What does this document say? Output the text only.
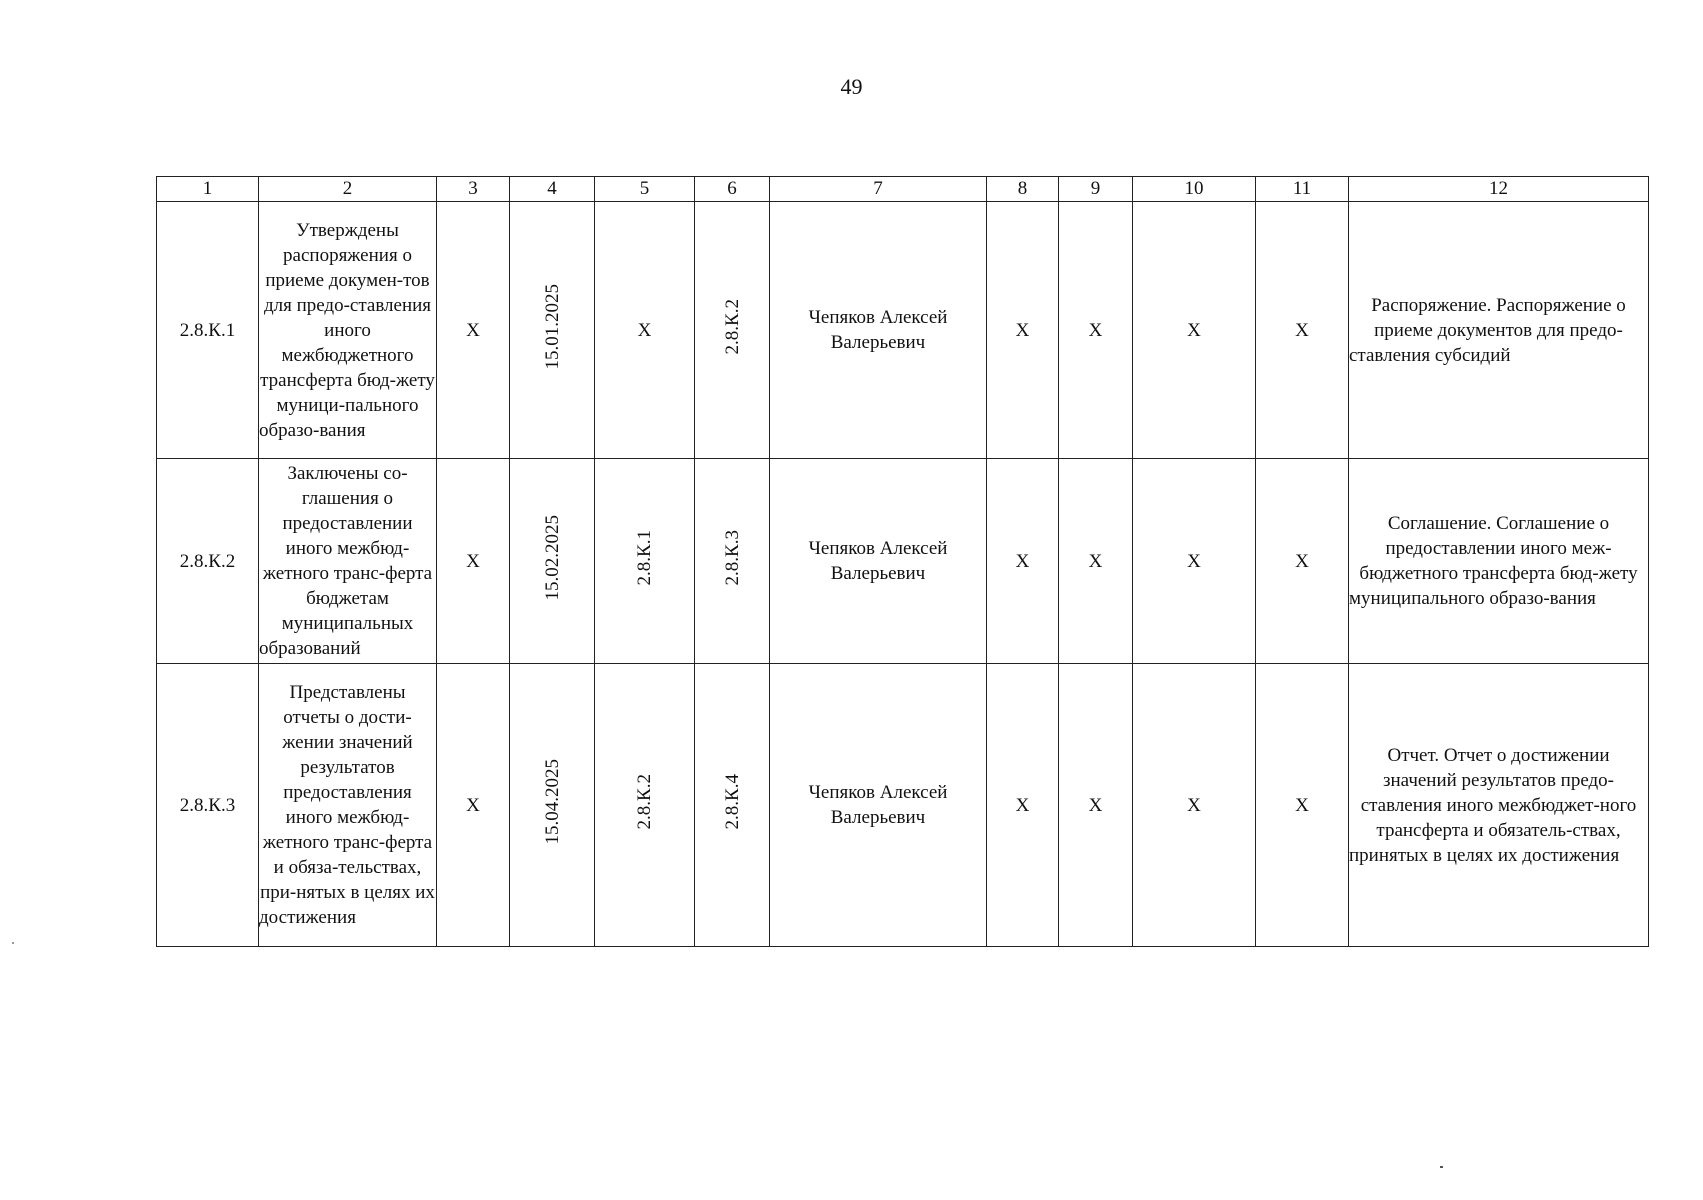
49
1	2	3	4	5	6	7	8	9	10	11	12
2.8.К.1	Утверждены распоряжения о приеме докумен-тов для предо-ставления иного межбюджетного трансферта бюд-жету муници-пального образо-вания	X	15.01.2025	X	2.8.К.2	Чепяков Алексей Валерьевич	X	X	X	X	Распоряжение. Распоряжение о приеме документов для предо-ставления субсидий
2.8.К.2	Заключены со-глашения о предоставлении иного межбюд-жетного транс-ферта бюджетам муниципальных образований	X	15.02.2025	2.8.К.1	2.8.К.3	Чепяков Алексей Валерьевич	X	X	X	X	Соглашение. Соглашение о предоставлении иного меж-бюджетного трансферта бюд-жету муниципального образо-вания
2.8.К.3	Представлены отчеты о дости-жении значений результатов предоставления иного межбюд-жетного транс-ферта и обяза-тельствах, при-нятых в целях их достижения	X	15.04.2025	2.8.К.2	2.8.К.4	Чепяков Алексей Валерьевич	X	X	X	X	Отчет. Отчет о достижении значений результатов предо-ставления иного межбюджет-ного трансферта и обязатель-ствах, принятых в целях их достижения
